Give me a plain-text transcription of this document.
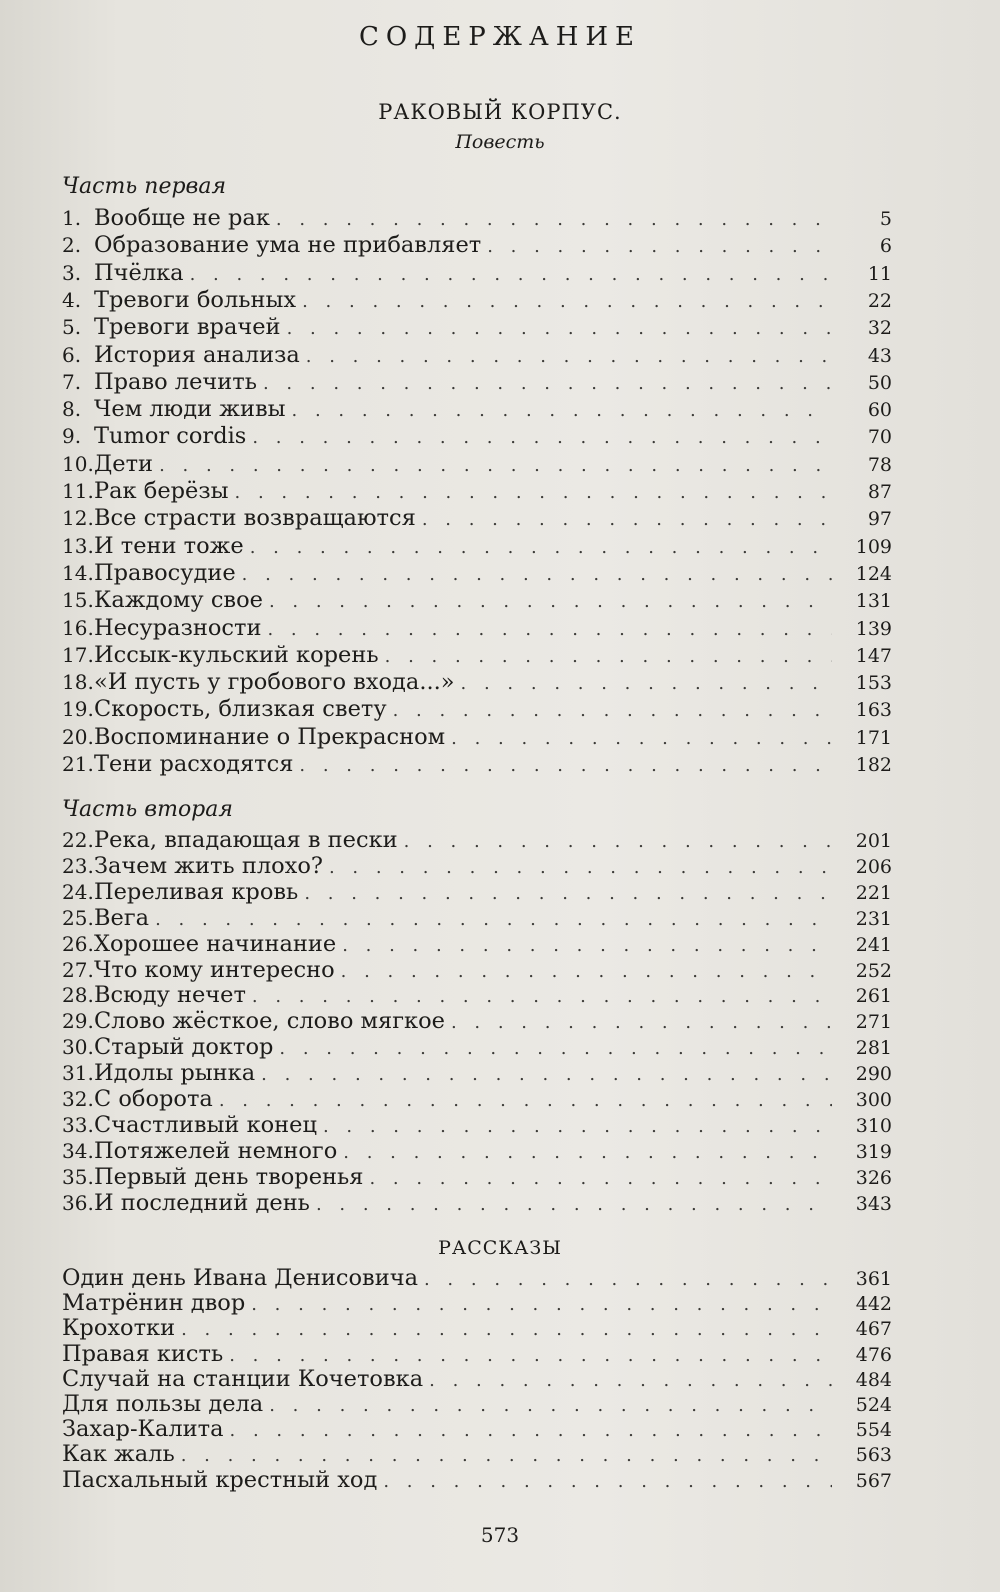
СОДЕРЖАНИЕ
РАКОВЫЙ КОРПУС.
Повесть
Часть первая
1. Вообще не рак . . .	5
2. Образование ума не прибавляет . . .	6
3. Пчёлка . . .	11
4. Тревоги больных . . .	22
5. Тревоги врачей . . .	32
6. История анализа . . .	43
7. Право лечить . . .	50
8. Чем люди живы . . .	60
9. Tumor cordis . . .	70
10. Дети . . .	78
11. Рак берёзы . . .	87
12. Все страсти возвращаются . . .	97
13. И тени тоже . . .	109
14. Правосудие . . .	124
15. Каждому свое . . .	131
16. Несуразности . . .	139
17. Иссык-кульский корень . . .	147
18. «И пусть у гробового входа...» . . .	153
19. Скорость, близкая свету . . .	163
20. Воспоминание о Прекрасном . . .	171
21. Тени расходятся . . .	182
Часть вторая
22. Река, впадающая в пески . . .	201
23. Зачем жить плохо? . . .	206
24. Переливая кровь . . .	221
25. Вега . . .	231
26. Хорошее начинание . . .	241
27. Что кому интересно . . .	252
28. Всюду нечет . . .	261
29. Слово жёсткое, слово мягкое . . .	271
30. Старый доктор . . .	281
31. Идолы рынка . . .	290
32. С оборота . . .	300
33. Счастливый конец . . .	310
34. Потяжелей немного . . .	319
35. Первый день творенья . . .	326
36. И последний день . . .	343
РАССКАЗЫ
Один день Ивана Денисовича . . .	361
Матрёнин двор . . .	442
Крохотки . . .	467
Правая кисть . . .	476
Случай на станции Кочетовка . . .	484
Для пользы дела . . .	524
Захар-Калита . . .	554
Как жаль . . .	563
Пасхальный крестный ход . . .	567
573
